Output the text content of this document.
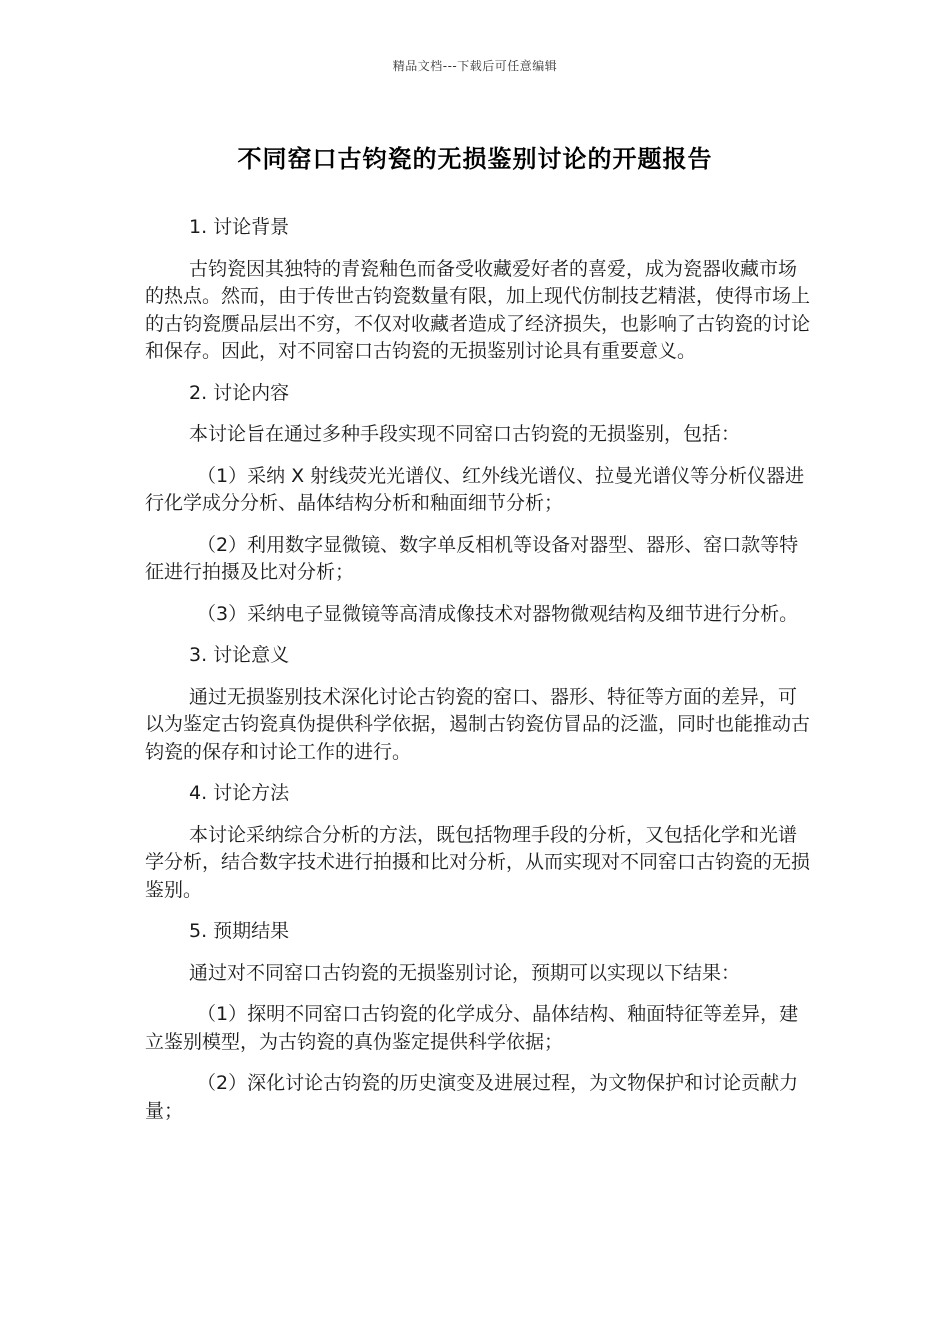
精品文档---下载后可任意编辑
不同窑口古钧瓷的无损鉴别讨论的开题报告

1. 讨论背景

古钧瓷因其独特的青瓷釉色而备受收藏爱好者的喜爱，成为瓷器收藏市场的热点。然而，由于传世古钧瓷数量有限，加上现代仿制技艺精湛，使得市场上的古钧瓷赝品层出不穷，不仅对收藏者造成了经济损失，也影响了古钧瓷的讨论和保存。因此，对不同窑口古钧瓷的无损鉴别讨论具有重要意义。

2. 讨论内容

本讨论旨在通过多种手段实现不同窑口古钧瓷的无损鉴别，包括：

（1）采纳 X 射线荧光光谱仪、红外线光谱仪、拉曼光谱仪等分析仪器进行化学成分分析、晶体结构分析和釉面细节分析；

（2）利用数字显微镜、数字单反相机等设备对器型、器形、窑口款等特征进行拍摄及比对分析；

（3）采纳电子显微镜等高清成像技术对器物微观结构及细节进行分析。

3. 讨论意义

通过无损鉴别技术深化讨论古钧瓷的窑口、器形、特征等方面的差异，可以为鉴定古钧瓷真伪提供科学依据，遏制古钧瓷仿冒品的泛滥，同时也能推动古钧瓷的保存和讨论工作的进行。

4. 讨论方法

本讨论采纳综合分析的方法，既包括物理手段的分析，又包括化学和光谱学分析，结合数字技术进行拍摄和比对分析，从而实现对不同窑口古钧瓷的无损鉴别。

5. 预期结果

通过对不同窑口古钧瓷的无损鉴别讨论，预期可以实现以下结果：

（1）探明不同窑口古钧瓷的化学成分、晶体结构、釉面特征等差异，建立鉴别模型，为古钧瓷的真伪鉴定提供科学依据；

（2）深化讨论古钧瓷的历史演变及进展过程，为文物保护和讨论贡献力量；
